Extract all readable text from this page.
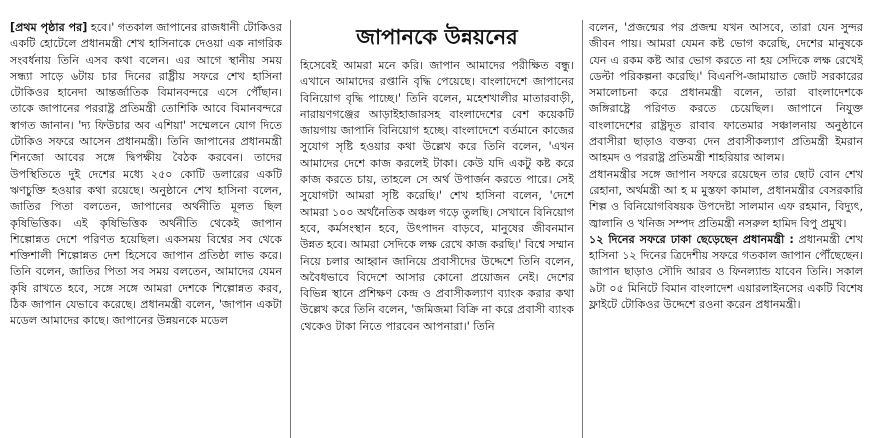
জাপানকে উন্নয়নের

[প্রথম পৃষ্ঠার পর] হবে।' গতকাল জাপানের রাজধানী টোকিওর একটি হোটেলে প্রধানমন্ত্রী শেখ হাসিনাকে দেওয়া এক নাগরিক সংবর্ধনায় তিনি এসব কথা বলেন। এর আগে স্থানীয় সময় সন্ধ্যা সাড়ে ৬টায় চার দিনের রাষ্ট্রীয় সফরে শেখ হাসিনা টোকিওর হানেদা আন্তর্জাতিক বিমানবন্দরে এসে পৌঁছান। তাকে জাপানের পররাষ্ট্র প্রতিমন্ত্রী তোশিকি আবে বিমানবন্দরে স্বাগত জানান। 'দ্য ফিউচার অব এশিয়া' সম্মেলনে যোগ দিতে টোকিও সফরে আসেন প্রধানমন্ত্রী। তিনি জাপানের প্রধানমন্ত্রী শিনজো আবের সঙ্গে দ্বিপক্ষীয় বৈঠক করবেন। তাদের উপস্থিতিতে দুই দেশের মধ্যে ২৫০ কোটি ডলারের একটি ঋণচুক্তি হওয়ার কথা রয়েছে। অনুষ্ঠানে শেখ হাসিনা বলেন, জাতির পিতা বলতেন, জাপানের অর্থনীতি মূলত ছিল কৃষিভিত্তিক। এই কৃষিভিত্তিক অর্থনীতি থেকেই জাপান শিল্পোন্নত দেশে পরিণত হয়েছিল। একসময় বিশ্বের সব থেকে শক্তিশালী শিল্পোন্নত দেশ হিসেবে জাপান প্রতিষ্ঠা লাভ করে। তিনি বলেন, জাতির পিতা সব সময় বলতেন, আমাদের যেমন কৃষি রাখতে হবে, সঙ্গে সঙ্গে আমরা দেশকে শিল্পোন্নত করব, ঠিক জাপান যেভাবে করেছে। প্রধানমন্ত্রী বলেন, 'জাপান একটা মডেল আমাদের কাছে। জাপানের উন্নয়নকে মডেল

হিসেবেই আমরা মনে করি। জাপান আমাদের পরীক্ষিত বন্ধু। এখানে আমাদের রপ্তানি বৃদ্ধি পেয়েছে। বাংলাদেশে জাপানের বিনিয়োগ বৃদ্ধি পাচ্ছে।' তিনি বলেন, মহেশখালীর মাতারবাড়ী, নারায়ণগঞ্জের আড়াইহাজারসহ বাংলাদেশের বেশ কয়েকটি জায়গায় জাপানি বিনিয়োগ হচ্ছে। বাংলাদেশে বর্তমানে কাজের সুযোগ সৃষ্টি হওয়ার কথা উল্লেখ করে তিনি বলেন, 'এখন আমাদের দেশে কাজ করলেই টাকা। কেউ যদি একটু কষ্ট করে কাজ করতে চায়, তাহলে সে অর্থ উপার্জন করতে পারে। সেই সুযোগটা আমরা সৃষ্টি করেছি।' শেখ হাসিনা বলেন, 'দেশে আমরা ১০০ অর্থনৈতিক অঞ্চল গড়ে তুলছি। সেখানে বিনিয়োগ হবে, কর্মসংস্থান হবে, উৎপাদন বাড়বে, মানুষের জীবনমান উন্নত হবে। আমরা সেদিকে লক্ষ রেখে কাজ করছি।' বিশ্বে সম্মান নিয়ে চলার আহ্বান জানিয়ে প্রবাসীদের উদ্দেশে তিনি বলেন, অবৈধভাবে বিদেশে আসার কোনো প্রয়োজন নেই। দেশের বিভিন্ন স্থানে প্রশিক্ষণ কেন্দ্র ও প্রবাসীকল্যাণ ব্যাংক করার কথা উল্লেখ করে তিনি বলেন, 'জমিজমা বিক্রি না করে প্রবাসী ব্যাংক থেকেও টাকা নিতে পারবেন আপনারা।' তিনি

বলেন, 'প্রজন্মের পর প্রজন্ম যখন আসবে, তারা যেন সুন্দর জীবন পায়। আমরা যেমন কষ্ট ভোগ করেছি, দেশের মানুষকে যেন এ রকম কষ্ট আর ভোগ করতে না হয় সেদিকে লক্ষ রেখেই ডেল্টা পরিকল্পনা করেছি।' বিএনপি-জামায়াত জোট সরকারের সমালোচনা করে প্রধানমন্ত্রী বলেন, তারা বাংলাদেশকে জঙ্গিরাষ্ট্রে পরিণত করতে চেয়েছিল। জাপানে নিযুক্ত বাংলাদেশের রাষ্ট্রদূত রাবাব ফাতেমার সঞ্চালনায় অনুষ্ঠানে প্রবাসীরা ছাড়াও বক্তব্য দেন প্রবাসীকল্যাণ প্রতিমন্ত্রী ইমরান আহমদ ও পররাষ্ট্র প্রতিমন্ত্রী শাহরিয়ার আলম।

প্রধানমন্ত্রীর সঙ্গে জাপান সফরে রয়েছেন তার ছোট বোন শেখ রেহানা, অর্থমন্ত্রী আ হ ম মুস্তফা কামাল, প্রধানমন্ত্রীর বেসরকারি শিল্প ও বিনিয়োগবিষয়ক উপদেষ্টা সালমান এফ রহমান, বিদ্যুৎ, জ্বালানি ও খনিজ সম্পদ প্রতিমন্ত্রী নসরুল হামিদ বিপু প্রমুখ।

১২ দিনের সফরে ঢাকা ছেড়েছেন প্রধানমন্ত্রী : প্রধানমন্ত্রী শেখ হাসিনা ১২ দিনের ত্রিদেশীয় সফরে গতকাল জাপান পৌঁছেছেন। জাপান ছাড়াও সৌদি আরব ও ফিনল্যান্ড যাবেন তিনি। সকাল ৯টা ০৫ মিনিটে বিমান বাংলাদেশ এয়ারলাইনসের একটি বিশেষ ফ্লাইটে টোকিওর উদ্দেশে রওনা করেন প্রধানমন্ত্রী।
